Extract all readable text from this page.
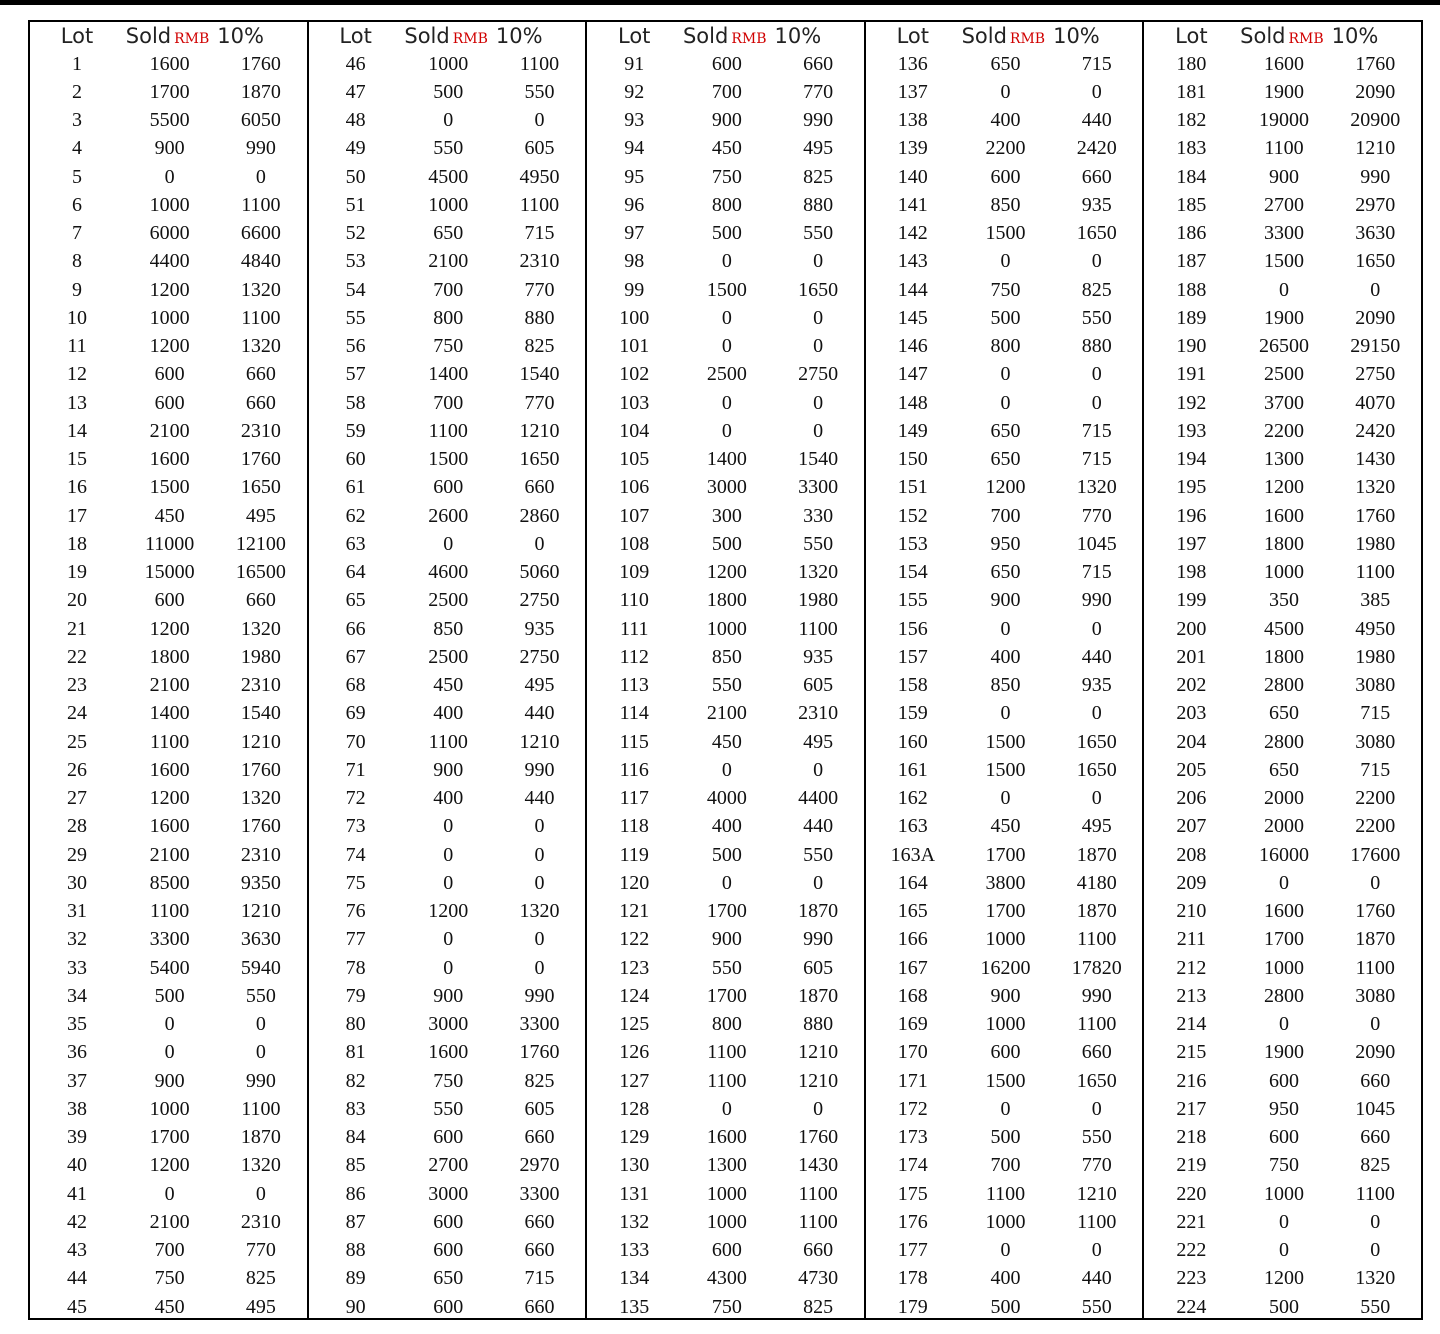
Lot	Sold RMB 10%
1	1600	1760
2	1700	1870
3	5500	6050
4	900	990
5	0	0
6	1000	1100
7	6000	6600
8	4400	4840
9	1200	1320
10	1000	1100
11	1200	1320
12	600	660
13	600	660
14	2100	2310
15	1600	1760
16	1500	1650
17	450	495
18	11000	12100
19	15000	16500
20	600	660
21	1200	1320
22	1800	1980
23	2100	2310
24	1400	1540
25	1100	1210
26	1600	1760
27	1200	1320
28	1600	1760
29	2100	2310
30	8500	9350
31	1100	1210
32	3300	3630
33	5400	5940
34	500	550
35	0	0
36	0	0
37	900	990
38	1000	1100
39	1700	1870
40	1200	1320
41	0	0
42	2100	2310
43	700	770
44	750	825
45	450	495
Lot	Sold RMB 10%
46	1000	1100
47	500	550
48	0	0
49	550	605
50	4500	4950
51	1000	1100
52	650	715
53	2100	2310
54	700	770
55	800	880
56	750	825
57	1400	1540
58	700	770
59	1100	1210
60	1500	1650
61	600	660
62	2600	2860
63	0	0
64	4600	5060
65	2500	2750
66	850	935
67	2500	2750
68	450	495
69	400	440
70	1100	1210
71	900	990
72	400	440
73	0	0
74	0	0
75	0	0
76	1200	1320
77	0	0
78	0	0
79	900	990
80	3000	3300
81	1600	1760
82	750	825
83	550	605
84	600	660
85	2700	2970
86	3000	3300
87	600	660
88	600	660
89	650	715
90	600	660
Lot	Sold RMB 10%
91	600	660
92	700	770
93	900	990
94	450	495
95	750	825
96	800	880
97	500	550
98	0	0
99	1500	1650
100	0	0
101	0	0
102	2500	2750
103	0	0
104	0	0
105	1400	1540
106	3000	3300
107	300	330
108	500	550
109	1200	1320
110	1800	1980
111	1000	1100
112	850	935
113	550	605
114	2100	2310
115	450	495
116	0	0
117	4000	4400
118	400	440
119	500	550
120	0	0
121	1700	1870
122	900	990
123	550	605
124	1700	1870
125	800	880
126	1100	1210
127	1100	1210
128	0	0
129	1600	1760
130	1300	1430
131	1000	1100
132	1000	1100
133	600	660
134	4300	4730
135	750	825
Lot	Sold RMB 10%
136	650	715
137	0	0
138	400	440
139	2200	2420
140	600	660
141	850	935
142	1500	1650
143	0	0
144	750	825
145	500	550
146	800	880
147	0	0
148	0	0
149	650	715
150	650	715
151	1200	1320
152	700	770
153	950	1045
154	650	715
155	900	990
156	0	0
157	400	440
158	850	935
159	0	0
160	1500	1650
161	1500	1650
162	0	0
163	450	495
163A	1700	1870
164	3800	4180
165	1700	1870
166	1000	1100
167	16200	17820
168	900	990
169	1000	1100
170	600	660
171	1500	1650
172	0	0
173	500	550
174	700	770
175	1100	1210
176	1000	1100
177	0	0
178	400	440
179	500	550
Lot	Sold RMB 10%
180	1600	1760
181	1900	2090
182	19000	20900
183	1100	1210
184	900	990
185	2700	2970
186	3300	3630
187	1500	1650
188	0	0
189	1900	2090
190	26500	29150
191	2500	2750
192	3700	4070
193	2200	2420
194	1300	1430
195	1200	1320
196	1600	1760
197	1800	1980
198	1000	1100
199	350	385
200	4500	4950
201	1800	1980
202	2800	3080
203	650	715
204	2800	3080
205	650	715
206	2000	2200
207	2000	2200
208	16000	17600
209	0	0
210	1600	1760
211	1700	1870
212	1000	1100
213	2800	3080
214	0	0
215	1900	2090
216	600	660
217	950	1045
218	600	660
219	750	825
220	1000	1100
221	0	0
222	0	0
223	1200	1320
224	500	550
